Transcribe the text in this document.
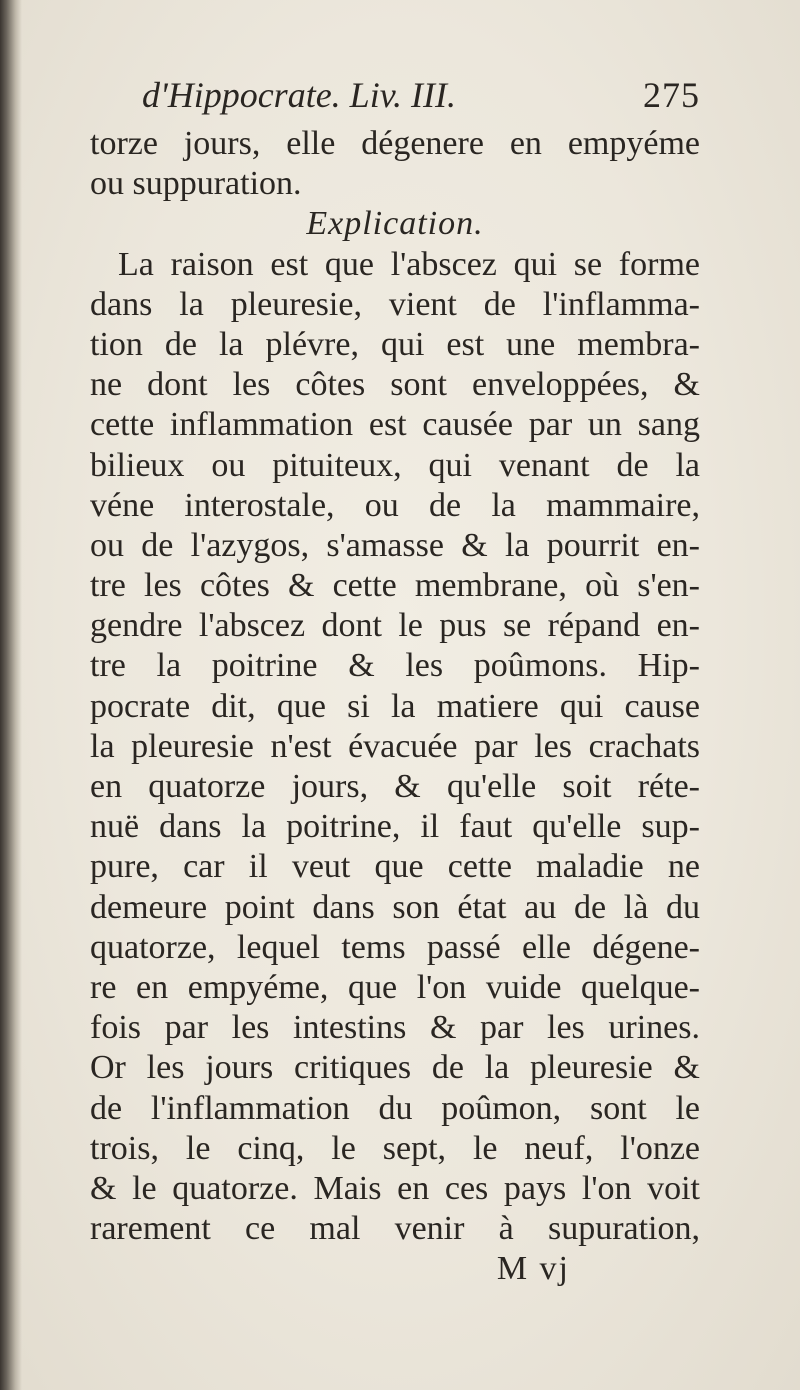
d'Hippocrate. Liv. III.	275
torze jours, elle dégenere en empyéme
ou suppuration.
Explication.
La raison est que l'abscez qui se forme
dans la pleuresie, vient de l'inflamma-
tion de la plévre, qui est une membra-
ne dont les côtes sont enveloppées, &
cette inflammation est causée par un sang
bilieux ou pituiteux, qui venant de la
véne interostale, ou de la mammaire,
ou de l'azygos, s'amasse & la pourrit en-
tre les côtes & cette membrane, où s'en-
gendre l'abscez dont le pus se répand en-
tre la poitrine & les poûmons. Hip-
pocrate dit, que si la matiere qui cause
la pleuresie n'est évacuée par les crachats
en quatorze jours, & qu'elle soit réte-
nuë dans la poitrine, il faut qu'elle sup-
pure, car il veut que cette maladie ne
demeure point dans son état au de là du
quatorze, lequel tems passé elle dégene-
re en empyéme, que l'on vuide quelque-
fois par les intestins & par les urines.
Or les jours critiques de la pleuresie &
de l'inflammation du poûmon, sont le
trois, le cinq, le sept, le neuf, l'onze
& le quatorze. Mais en ces pays l'on voit
rarement ce mal venir à supuration,
M vj
